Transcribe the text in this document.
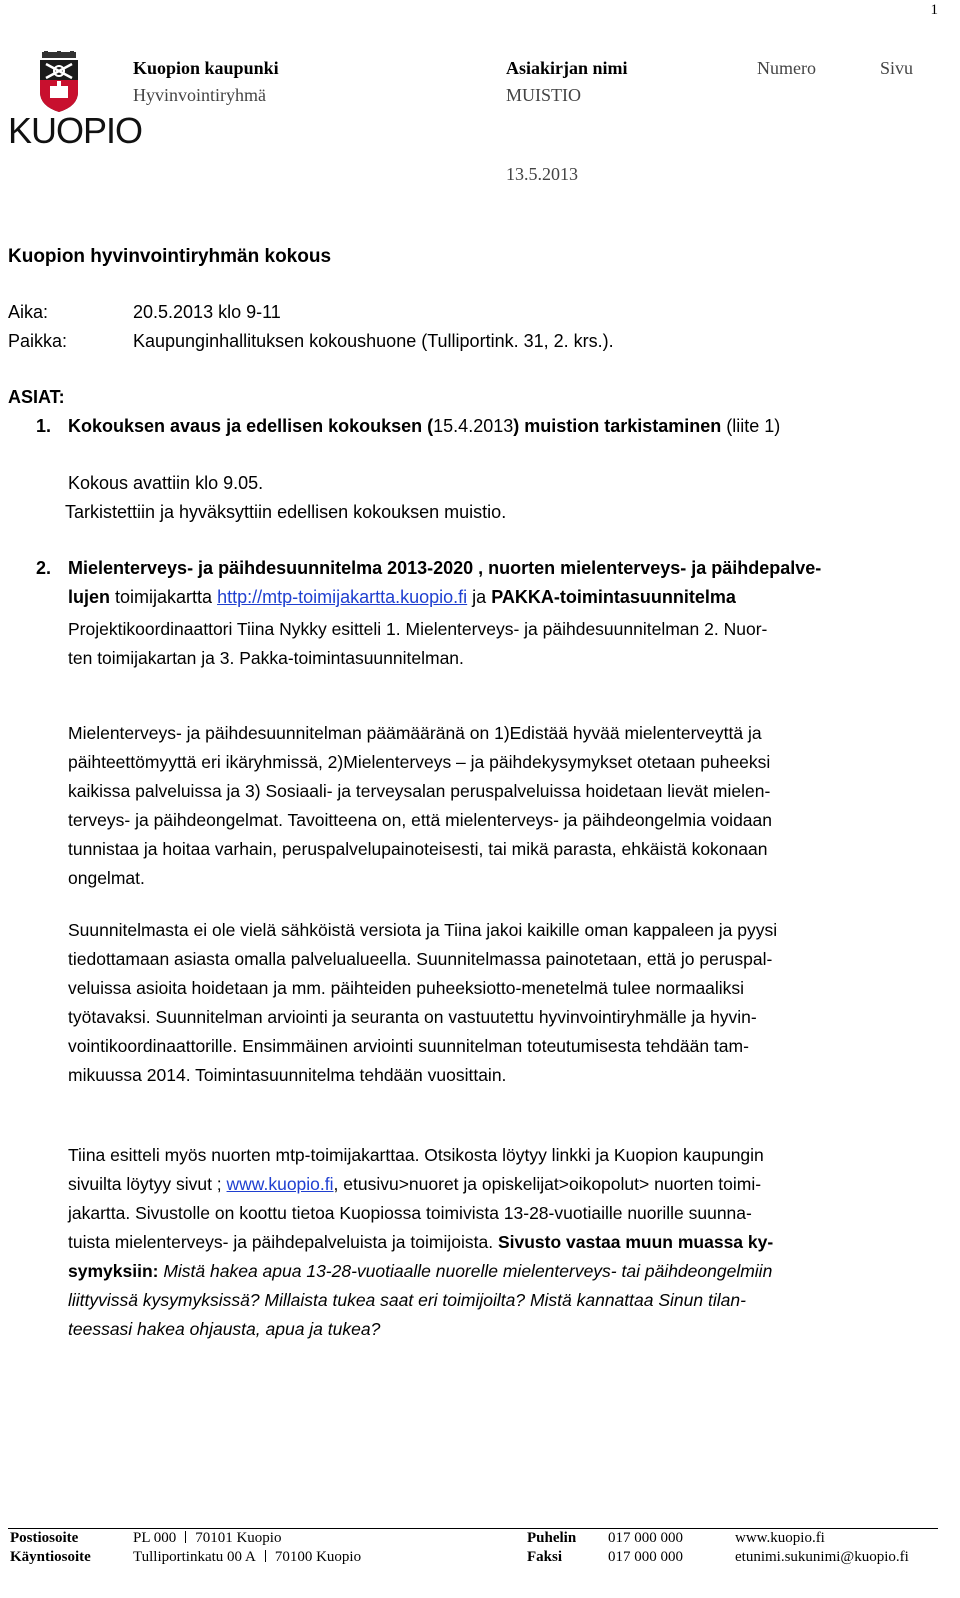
1
KUOPIO
Kuopion kaupunki
Hyvinvointiryhmä
Asiakirjan nimi
MUISTIO
Numero	Sivu
13.5.2013
Kuopion hyvinvointiryhmän kokous
Aika:	20.5.2013 klo 9-11
Paikka:	Kaupunginhallituksen kokoushuone (Tulliportink. 31, 2. krs.).
ASIAT:
1. Kokouksen avaus ja edellisen kokouksen (15.4.2013) muistion tarkistaminen (liite 1)
Kokous avattiin klo 9.05.
Tarkistettiin ja hyväksyttiin edellisen kokouksen muistio.
2. Mielenterveys- ja päihdesuunnitelma 2013-2020 , nuorten mielenterveys- ja päihdepalve-
lujen toimijakartta http://mtp-toimijakartta.kuopio.fi ja PAKKA-toimintasuunnitelma
Projektikoordinaattori Tiina Nykky esitteli 1. Mielenterveys- ja päihdesuunnitelman 2. Nuor-
ten toimijakartan ja 3. Pakka-toimintasuunnitelman.
Mielenterveys- ja päihdesuunnitelman päämääränä on 1)Edistää hyvää mielenterveyttä ja
päihteettömyyttä eri ikäryhmissä, 2)Mielenterveys – ja päihdekysymykset otetaan puheeksi
kaikissa palveluissa ja 3) Sosiaali- ja terveysalan peruspalveluissa hoidetaan lievät mielen-
terveys- ja päihdeongelmat. Tavoitteena on, että mielenterveys- ja päihdeongelmia voidaan
tunnistaa ja hoitaa varhain, peruspalvelupainoteisesti, tai mikä parasta, ehkäistä kokonaan
ongelmat.
Suunnitelmasta ei ole vielä sähköistä versiota ja Tiina jakoi kaikille oman kappaleen ja pyysi
tiedottamaan asiasta omalla palvelualueella. Suunnitelmassa painotetaan, että jo peruspal-
veluissa asioita hoidetaan ja mm. päihteiden puheeksiotto-menetelmä tulee normaaliksi
työtavaksi. Suunnitelman arviointi ja seuranta on vastuutettu hyvinvointiryhmälle ja hyvin-
vointikoordinaattorille. Ensimmäinen arviointi suunnitelman toteutumisesta tehdään tam-
mikuussa 2014. Toimintasuunnitelma tehdään vuosittain.
Tiina esitteli myös nuorten mtp-toimijakarttaa. Otsikosta löytyy linkki ja Kuopion kaupungin
sivuilta löytyy sivut ; www.kuopio.fi, etusivu>nuoret ja opiskelijat>oikopolut> nuorten toimi-
jakartta. Sivustolle on koottu tietoa Kuopiossa toimivista 13-28-vuotiaille nuorille suunna-
tuista mielenterveys- ja päihdepalveluista ja toimijoista. Sivusto vastaa muun muassa ky-
symyksiin: Mistä hakea apua 13-28-vuotiaalle nuorelle mielenterveys- tai päihdeongelmiin
liittyvissä kysymyksissä? Millaista tukea saat eri toimijoilta? Mistä kannattaa Sinun tilan-
teessasi hakea ohjausta, apua ja tukea?
Postiosoite	PL 000 70101 Kuopio
Käyntiosoite	Tulliportinkatu 00 A 70100 Kuopio
Puhelin 017 000 000
Faksi	017 000 000
www.kuopio.fi
etunimi.sukunimi@kuopio.fi
